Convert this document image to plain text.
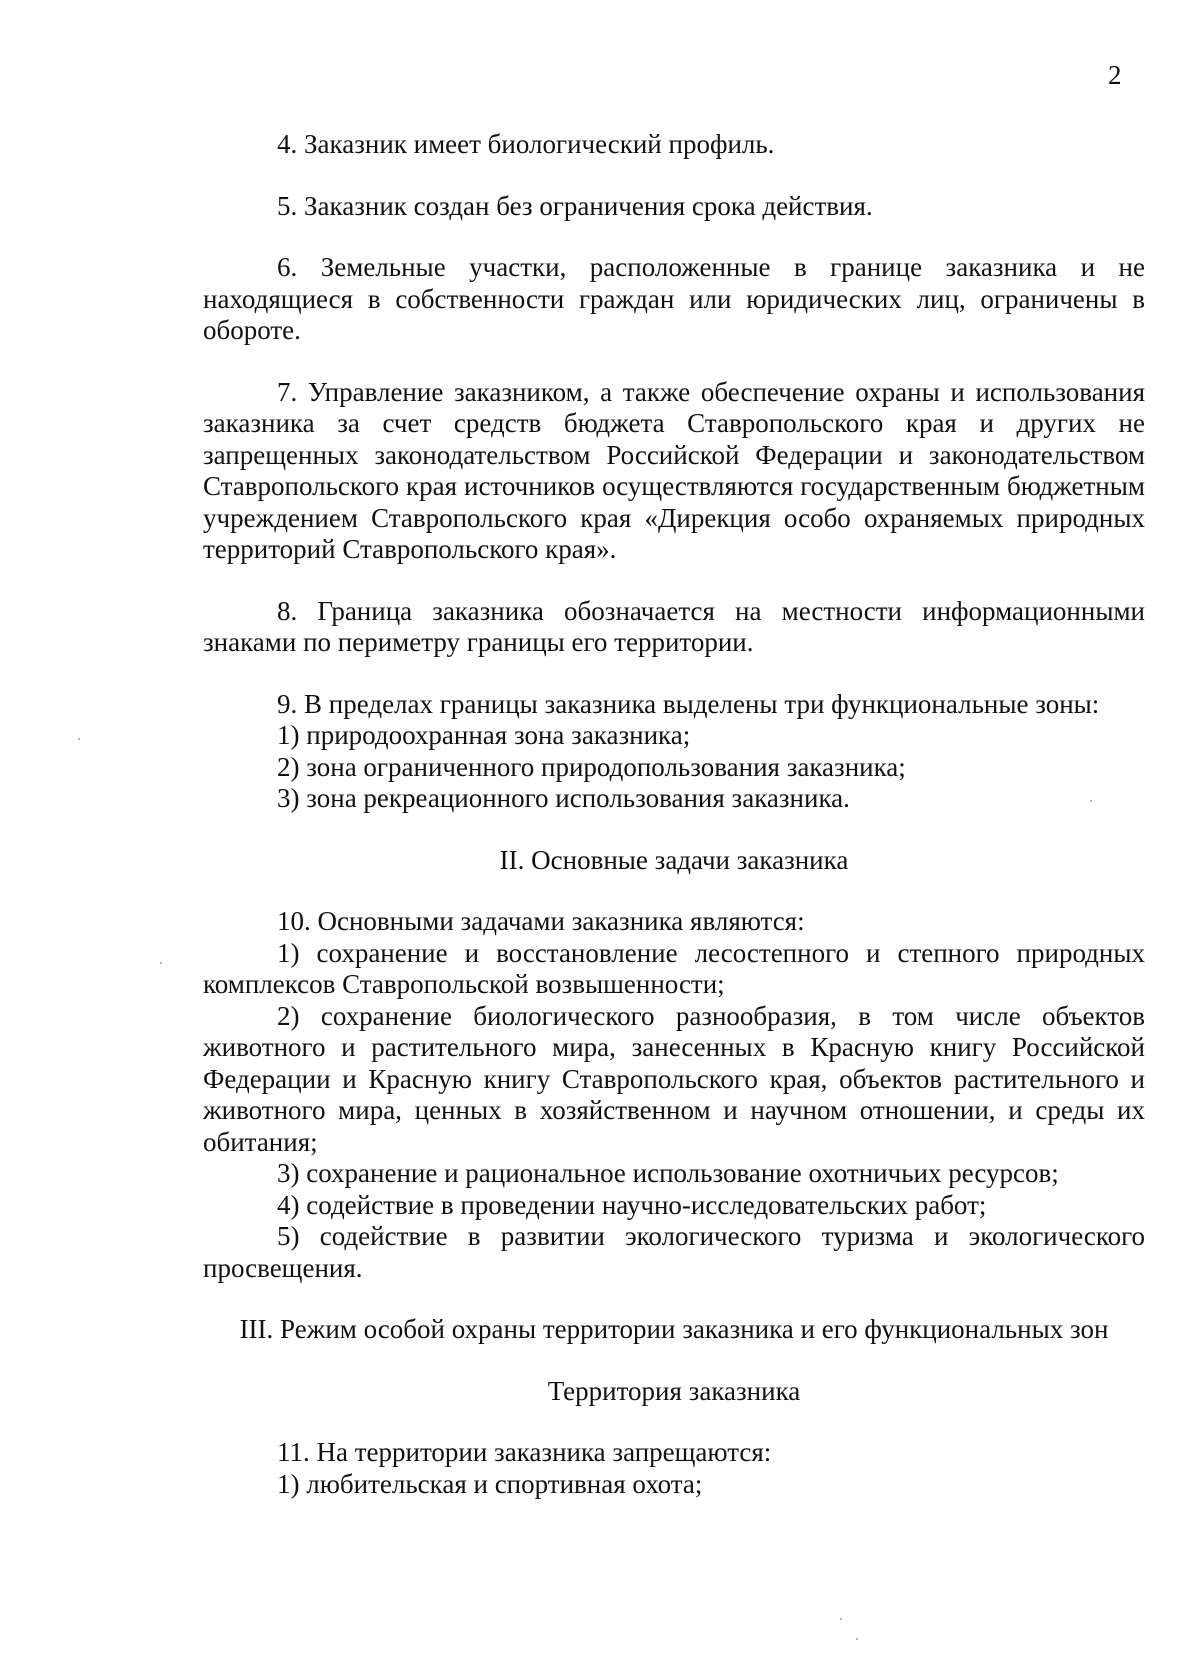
2

4. Заказник имеет биологический профиль.

5. Заказник создан без ограничения срока действия.

6. Земельные участки, расположенные в границе заказника и не находящиеся в собственности граждан или юридических лиц, ограничены в обороте.

7. Управление заказником, а также обеспечение охраны и использования заказника за счет средств бюджета Ставропольского края и других не запрещенных законодательством Российской Федерации и законодательством Ставропольского края источников осуществляются государственным бюджетным учреждением Ставропольского края «Дирекция особо охраняемых природных территорий Ставропольского края».

8. Граница заказника обозначается на местности информационными знаками по периметру границы его территории.

9. В пределах границы заказника выделены три функциональные зоны:

1) природоохранная зона заказника;

2) зона ограниченного природопользования заказника;

3) зона рекреационного использования заказника.

II. Основные задачи заказника

10. Основными задачами заказника являются:

1) сохранение и восстановление лесостепного и степного природных комплексов Ставропольской возвышенности;

2) сохранение биологического разнообразия, в том числе объектов животного и растительного мира, занесенных в Красную книгу Российской Федерации и Красную книгу Ставропольского края, объектов растительного и животного мира, ценных в хозяйственном и научном отношении, и среды их обитания;

3) сохранение и рациональное использование охотничьих ресурсов;

4) содействие в проведении научно-исследовательских работ;

5) содействие в развитии экологического туризма и экологического просвещения.

III. Режим особой охраны территории заказника и его функциональных зон

Территория заказника

11. На территории заказника запрещаются:

1) любительская и спортивная охота;
